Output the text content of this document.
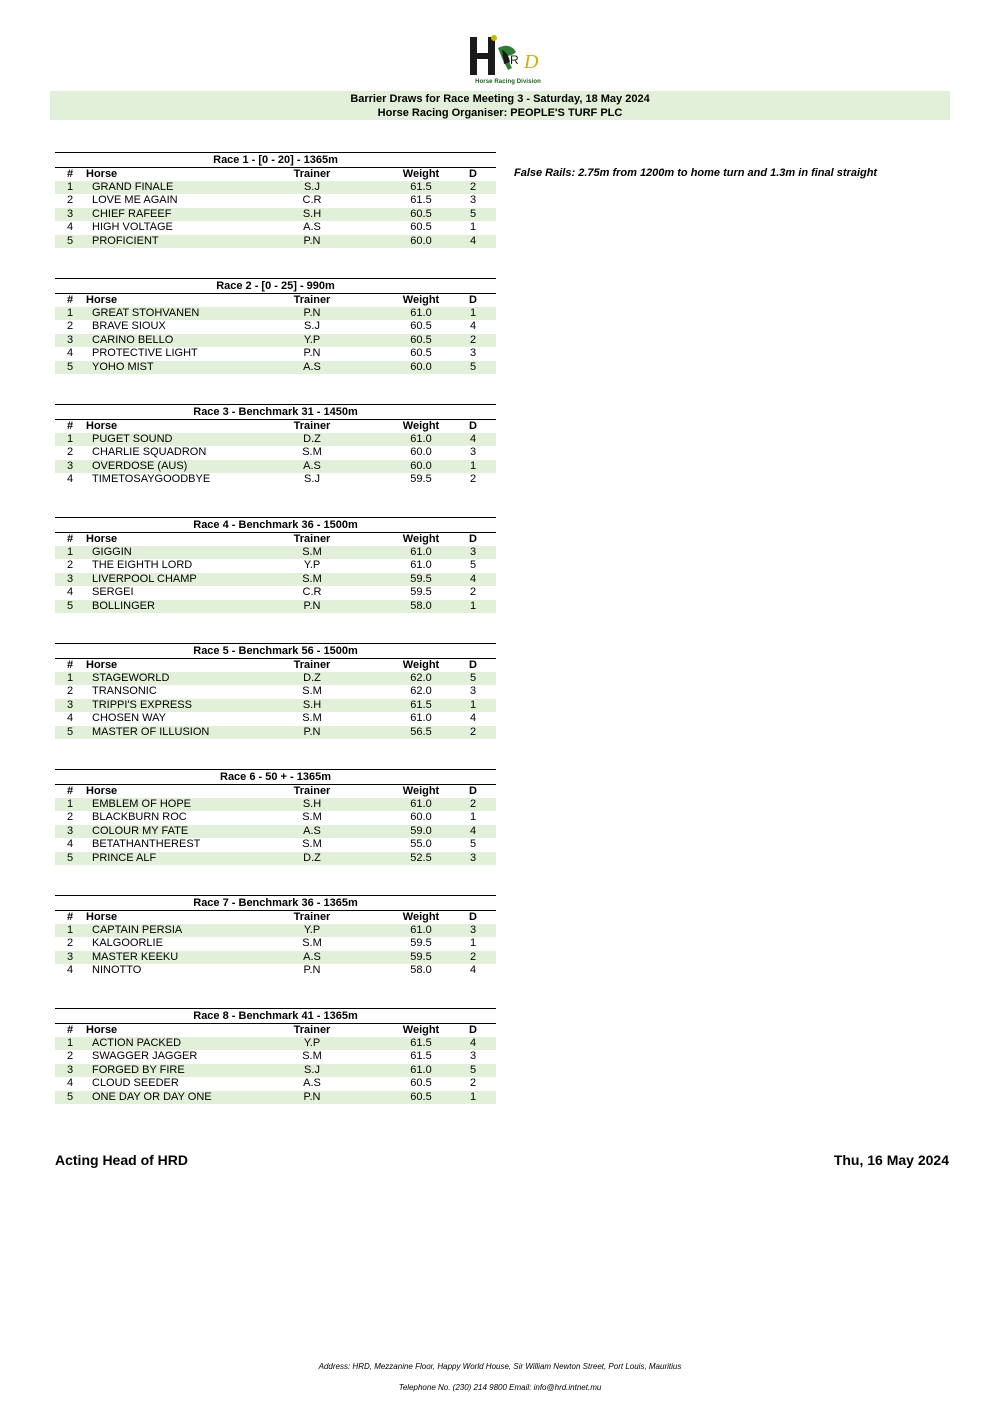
D
R
Horse Racing Division
Barrier Draws for Race Meeting 3 - Saturday, 18 May 2024
Horse Racing Organiser: PEOPLE'S TURF PLC
Race 1 - [0 - 20] - 1365m
# Horse	Trainer	Weight	D
1 GRAND FINALE	S.J	61.5	2
2 LOVE ME AGAIN	C.R	61.5	3
3 CHIEF RAFEEF	S.H	60.5	5
4 HIGH VOLTAGE	A.S	60.5	1
5 PROFICIENT	P.N	60.0	4
Race 2 - [0 - 25] - 990m
# Horse	Trainer	Weight	D
1 GREAT STOHVANEN	P.N	61.0	1
2 BRAVE SIOUX	S.J	60.5	4
3 CARINO BELLO	Y.P	60.5	2
4 PROTECTIVE LIGHT	P.N	60.5	3
5 YOHO MIST	A.S	60.0	5
Race 3 - Benchmark 31 - 1450m
# Horse	Trainer	Weight	D
1 PUGET SOUND	D.Z	61.0	4
2 CHARLIE SQUADRON	S.M	60.0	3
3 OVERDOSE (AUS)	A.S	60.0	1
4 TIMETOSAYGOODBYE	S.J	59.5	2
Race 4 - Benchmark 36 - 1500m
# Horse	Trainer	Weight	D
1 GIGGIN	S.M	61.0	3
2 THE EIGHTH LORD	Y.P	61.0	5
3 LIVERPOOL CHAMP	S.M	59.5	4
4 SERGEI	C.R	59.5	2
5 BOLLINGER	P.N	58.0	1
Race 5 - Benchmark 56 - 1500m
# Horse	Trainer	Weight	D
1 STAGEWORLD	D.Z	62.0	5
2 TRANSONIC	S.M	62.0	3
3 TRIPPI'S EXPRESS	S.H	61.5	1
4 CHOSEN WAY	S.M	61.0	4
5 MASTER OF ILLUSION	P.N	56.5	2
Race 6 - 50 + - 1365m
# Horse	Trainer	Weight	D
1 EMBLEM OF HOPE	S.H	61.0	2
2 BLACKBURN ROC	S.M	60.0	1
3 COLOUR MY FATE	A.S	59.0	4
4 BETATHANTHEREST	S.M	55.0	5
5 PRINCE ALF	D.Z	52.5	3
Race 7 - Benchmark 36 - 1365m
# Horse	Trainer	Weight	D
1 CAPTAIN PERSIA	Y.P	61.0	3
2 KALGOORLIE	S.M	59.5	1
3 MASTER KEEKU	A.S	59.5	2
4 NINOTTO	P.N	58.0	4
Race 8 - Benchmark 41 - 1365m
# Horse	Trainer	Weight	D
1 ACTION PACKED	Y.P	61.5	4
2 SWAGGER JAGGER	S.M	61.5	3
3 FORGED BY FIRE	S.J	61.0	5
4 CLOUD SEEDER	A.S	60.5	2
5 ONE DAY OR DAY ONE	P.N	60.5	1
False Rails: 2.75m from 1200m to home turn and 1.3m in final straight
Acting Head of HRD	Thu, 16 May 2024
Address: HRD, Mezzanine Floor, Happy World House, Sir William Newton Street, Port Louis, Mauritius
Telephone No. (230) 214 9800 Email: info@hrd.intnet.mu
